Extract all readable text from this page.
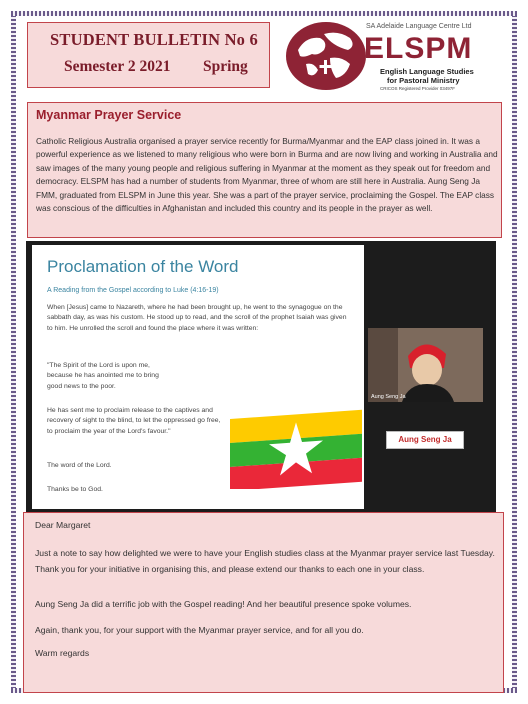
STUDENT BULLETIN No 6
Semester 2 2021 Spring
SA Adelaide Language Centre Ltd
ELSPM
English Language Studies
for Pastoral Ministry
CRICOS Registered Provider 03497F
Myanmar Prayer Service
Catholic Religious Australia organised a prayer service recently for Burma/Myanmar and the EAP class joined in. It was a powerful experience as we listened to many religious who were born in Burma and are now living and working in Australia and saw images of the many young people and religious suffering in Myanmar at the moment as they speak out for freedom and democracy. ELSPM has had a number of students from Myanmar, three of whom are still here in Australia. Aung Seng Ja FMM, graduated from ELSPM in June this year. She was a part of the prayer service, proclaiming the Gospel. The EAP class was conscious of the difficulties in Afghanistan and included this country and its people in the prayer as well.
Proclamation of the Word
A Reading from the Gospel according to Luke (4:16-19)
When [Jesus] came to Nazareth, where he had been brought up, he went to the synagogue on the sabbath day, as was his custom. He stood up to read, and the scroll of the prophet Isaiah was given to him. He unrolled the scroll and found the place where it was written:
"The Spirit of the Lord is upon me, because he has anointed me to bring good news to the poor.
He has sent me to proclaim release to the captives and recovery of sight to the blind, to let the oppressed go free, to proclaim the year of the Lord's favour."
The word of the Lord.
Thanks be to God.
Aung Seng Ja
Aung Seng Ja
Dear Margaret
Just a note to say how delighted we were to have your English studies class at the Myanmar prayer service last Tuesday. Thank you for your initiative in organising this, and please extend our thanks to each one in your class.
Aung Seng Ja did a terrific job with the Gospel reading! And her beautiful presence spoke volumes.
Again, thank you, for your support with the Myanmar prayer service, and for all you do.
Warm regards
